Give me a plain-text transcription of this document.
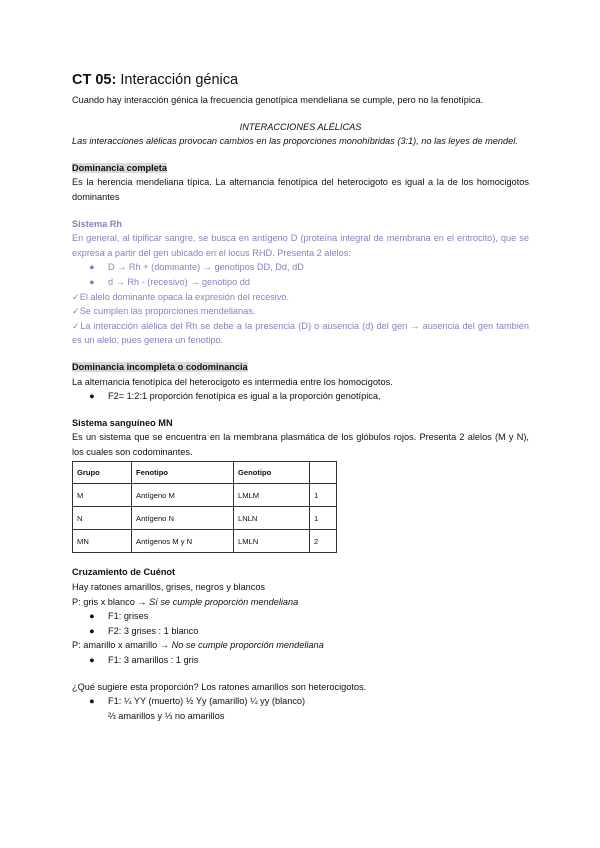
CT 05: Interacción génica

Cuando hay interacción génica la frecuencia genotípica mendeliana se cumple, pero no la fenotípica.

INTERACCIONES ALÉLICAS

Las interacciones alélicas provocan cambios en las proporciones monohíbridas (3:1), no las leyes de mendel.

Dominancia completa

Es la herencia mendeliana típica. La alternancia fenotípica del heterocigoto es igual a la de los homocigotos dominantes

Sistema Rh

En general, al tipificar sangre, se busca en antígeno D (proteína integral de membrana en el eritrocito), que se expresa a partir del gen ubicado en el locus RHD. Presenta 2 alelos:

● D → Rh + (dominante) → genotipos DD, Dd, dD
● d → Rh - (recesivo) → genotipo dd

✓El alelo dominante opaca la expresión del recesivo.

✓Se cumplen las proporciones mendelianas.

✓La interacción alélica del Rh se debe a la presencia (D) o ausencia (d) del gen → ausencia del gen también es un alelo, pues genera un fenotipo.

Dominancia incompleta o codominancia

La alternancia fenotípica del heterocigoto es intermedia entre los homocigotos.

● F2= 1:2:1 proporción fenotípica es igual a la proporción genotípica,

Sistema sanguíneo MN

Es un sistema que se encuentra en la membrana plasmática de los glóbulos rojos. Presenta 2 alelos (M y N), los cuales son codominantes.

Grupo	Fenotipo	Genotipo	
M	Antígeno M	LMLM	1
N	Antígeno N	LNLN	1
MN	Antígenos M y N	LMLN	2

Cruzamiento de Cuénot

Hay ratones amarillos, grises, negros y blancos

P: gris x blanco → Sí se cumple proporción mendeliana

● F1: grises
● F2: 3 grises : 1 blanco

P: amarillo x amarillo → No se cumple proporción mendeliana

● F1: 3 amarillos : 1 gris

¿Qué sugiere esta proporción? Los ratones amarillos son heterocigotos.

● F1: ¼ YY (muerto) ½ Yy (amarillo) ¼ yy (blanco)

⅔ amarillos y ⅓ no amarillos
